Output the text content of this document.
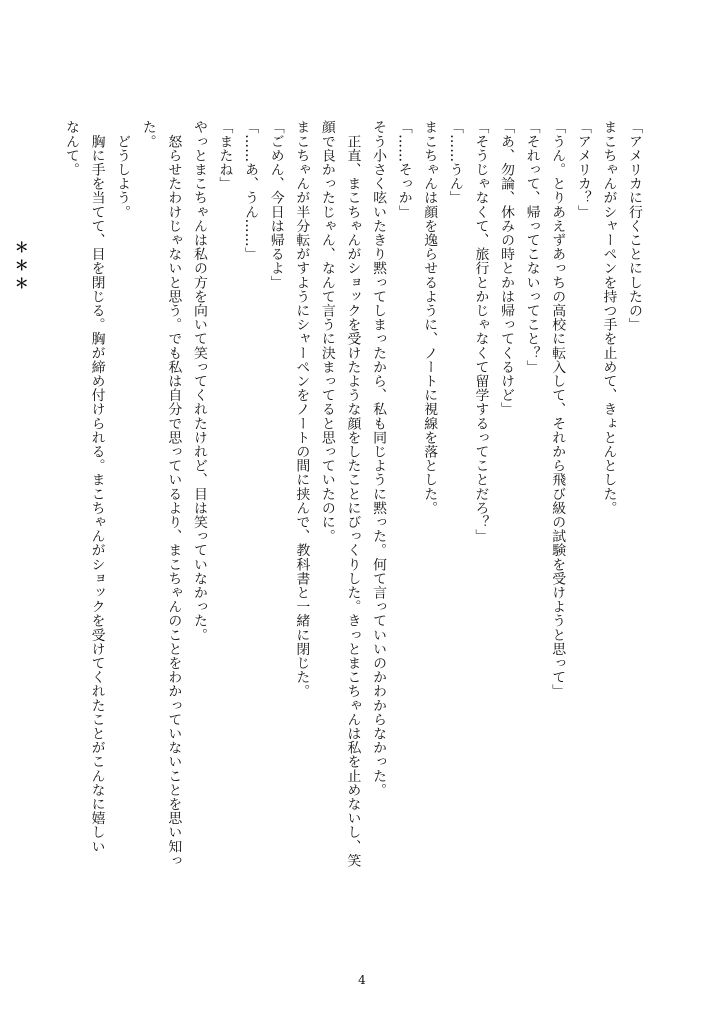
「アメリカに行くことにしたの」
まこちゃんがシャーペンを持つ手を止めて、きょとんとした。
「アメリカ？」
「うん。とりあえずあっちの高校に転入して、それから飛び級の試験を受けようと思って」
「それって、帰ってこないってこと？」
「あ、勿論、休みの時とかは帰ってくるけど」
「そうじゃなくて、旅行とかじゃなくて留学するってことだろ？」
「……うん」
まこちゃんは顔を逸らせるように、ノートに視線を落とした。
「……そっか」
そう小さく呟いたきり黙ってしまったから、私も同じように黙った。何て言っていいのかわからなかった。
　正直、まこちゃんがショックを受けたような顔をしたことにびっくりした。きっとまこちゃんは私を止めないし、笑
顔で良かったじゃん、なんて言うに決まってると思っていたのに。
まこちゃんが半分転がすようにシャーペンをノートの間に挟んで、教科書と一緒に閉じた。
「ごめん、今日は帰るよ」
「……あ、うん……」
「またね」
やっとまこちゃんは私の方を向いて笑ってくれたけれど、目は笑っていなかった。
　怒らせたわけじゃないと思う。でも私は自分で思っているより、まこちゃんのことをわかっていないことを思い知っ
た。
　どうしよう。
　胸に手を当てて、目を閉じる。胸が締め付けられる。まこちゃんがショックを受けてくれたことがこんなに嬉しい
なんて。
＊＊＊
4
